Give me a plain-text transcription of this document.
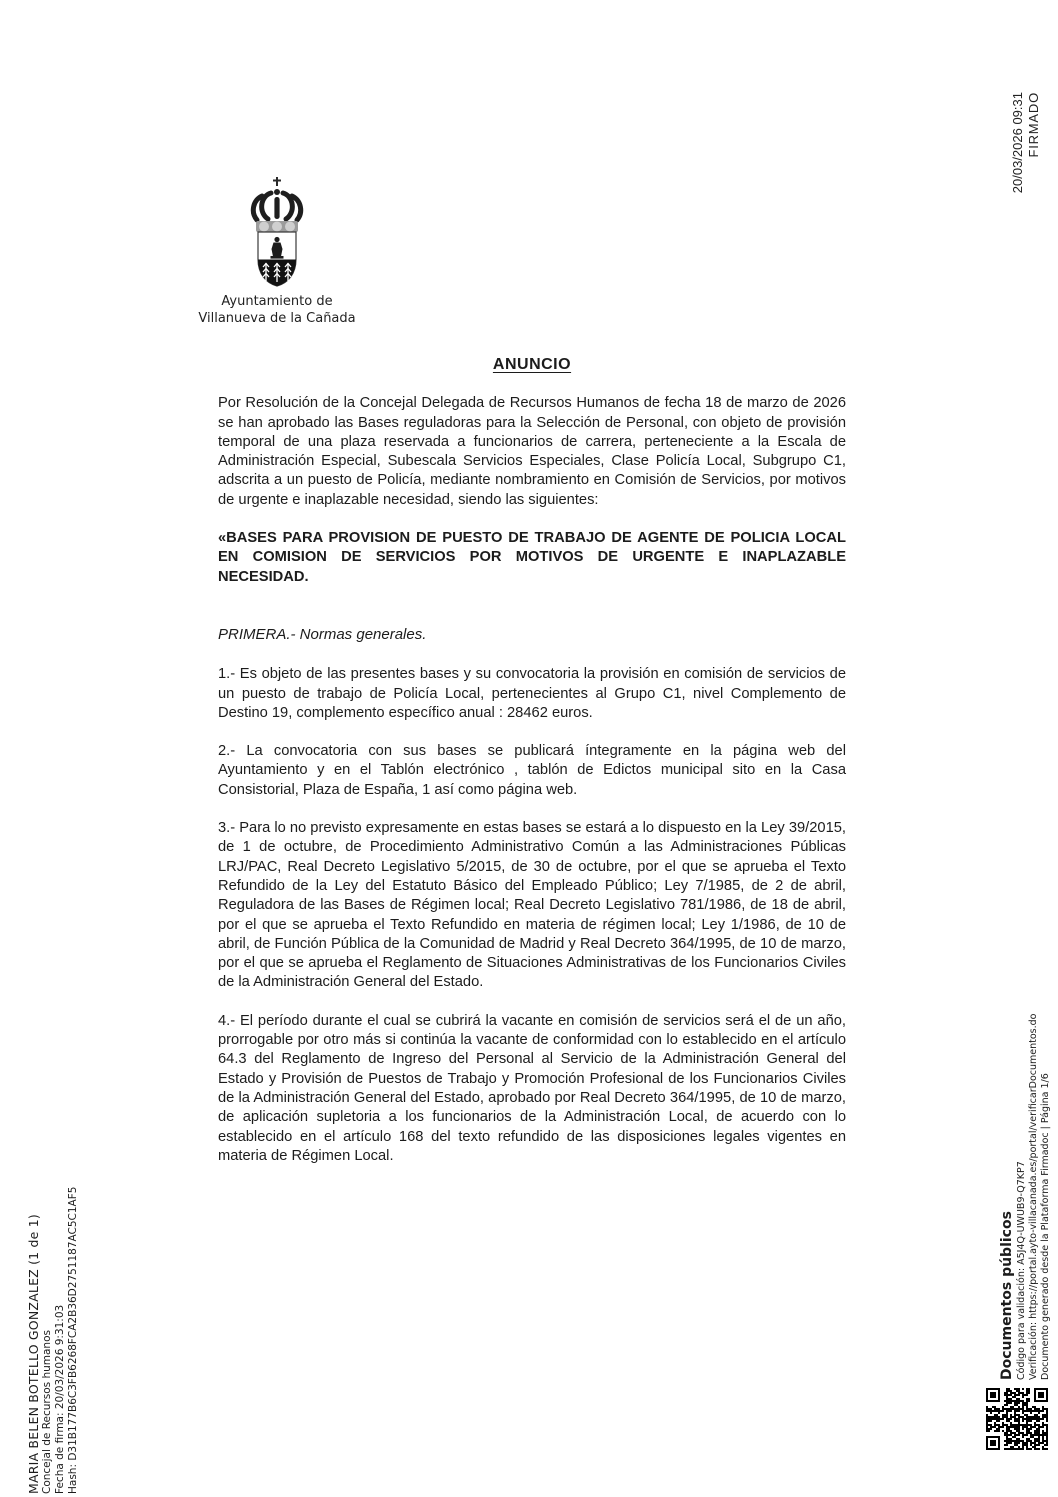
MARIA BELEN BOTELLO GONZALEZ (1 de 1) Concejal de Recursos humanos Fecha de firma: 20/03/2026 9:31:03 Hash: D31B177B6C3FB6268FCA2B36D2751187AC5C1AF5
20/03/2026 09:31 FIRMADO
Documentos públicos Código para validación: A5J4Q-UWUB9-Q7KP7 Verificación: https://portal.ayto-villacanada.es/portal/verificarDocumentos.do Documento generado desde la Plataforma Firmadoc | Página 1/6
Ayuntamiento de
Villanueva de la Cañada
ANUNCIO

Por Resolución de la Concejal Delegada de Recursos Humanos de fecha 18 de marzo de 2026 se han aprobado las Bases reguladoras para la Selección de Personal, con objeto de provisión temporal de una plaza reservada a funcionarios de carrera, perteneciente a la Escala de Administración Especial, Subescala Servicios Especiales, Clase Policía Local, Subgrupo C1, adscrita a un puesto de Policía, mediante nombramiento en Comisión de Servicios, por motivos de urgente e inaplazable necesidad, siendo las siguientes:

«BASES PARA PROVISION DE PUESTO DE TRABAJO DE AGENTE DE POLICIA LOCAL EN COMISION DE SERVICIOS POR MOTIVOS DE URGENTE E INAPLAZABLE NECESIDAD.

PRIMERA.- Normas generales.

1.- Es objeto de las presentes bases y su convocatoria la provisión en comisión de servicios de un puesto de trabajo de Policía Local, pertenecientes al Grupo C1, nivel Complemento de Destino 19, complemento específico anual : 28462 euros.

2.- La convocatoria con sus bases se publicará íntegramente en la página web del Ayuntamiento y en el Tablón electrónico , tablón de Edictos municipal sito en la Casa Consistorial, Plaza de España, 1 así como página web.

3.- Para lo no previsto expresamente en estas bases se estará a lo dispuesto en la Ley 39/2015, de 1 de octubre, de Procedimiento Administrativo Común a las Administraciones Públicas LRJ/PAC, Real Decreto Legislativo 5/2015, de 30 de octubre, por el que se aprueba el Texto Refundido de la Ley del Estatuto Básico del Empleado Público; Ley 7/1985, de 2 de abril, Reguladora de las Bases de Régimen local; Real Decreto Legislativo 781/1986, de 18 de abril, por el que se aprueba el Texto Refundido en materia de régimen local; Ley 1/1986, de 10 de abril, de Función Pública de la Comunidad de Madrid y Real Decreto 364/1995, de 10 de marzo, por el que se aprueba el Reglamento de Situaciones Administrativas de los Funcionarios Civiles de la Administración General del Estado.

4.- El período durante el cual se cubrirá la vacante en comisión de servicios será el de un año, prorrogable por otro más si continúa la vacante de conformidad con lo establecido en el artículo 64.3 del Reglamento de Ingreso del Personal al Servicio de la Administración General del Estado y Provisión de Puestos de Trabajo y Promoción Profesional de los Funcionarios Civiles de la Administración General del Estado, aprobado por Real Decreto 364/1995, de 10 de marzo, de aplicación supletoria a los funcionarios de la Administración Local, de acuerdo con lo establecido en el artículo 168 del texto refundido de las disposiciones legales vigentes en materia de Régimen Local.
